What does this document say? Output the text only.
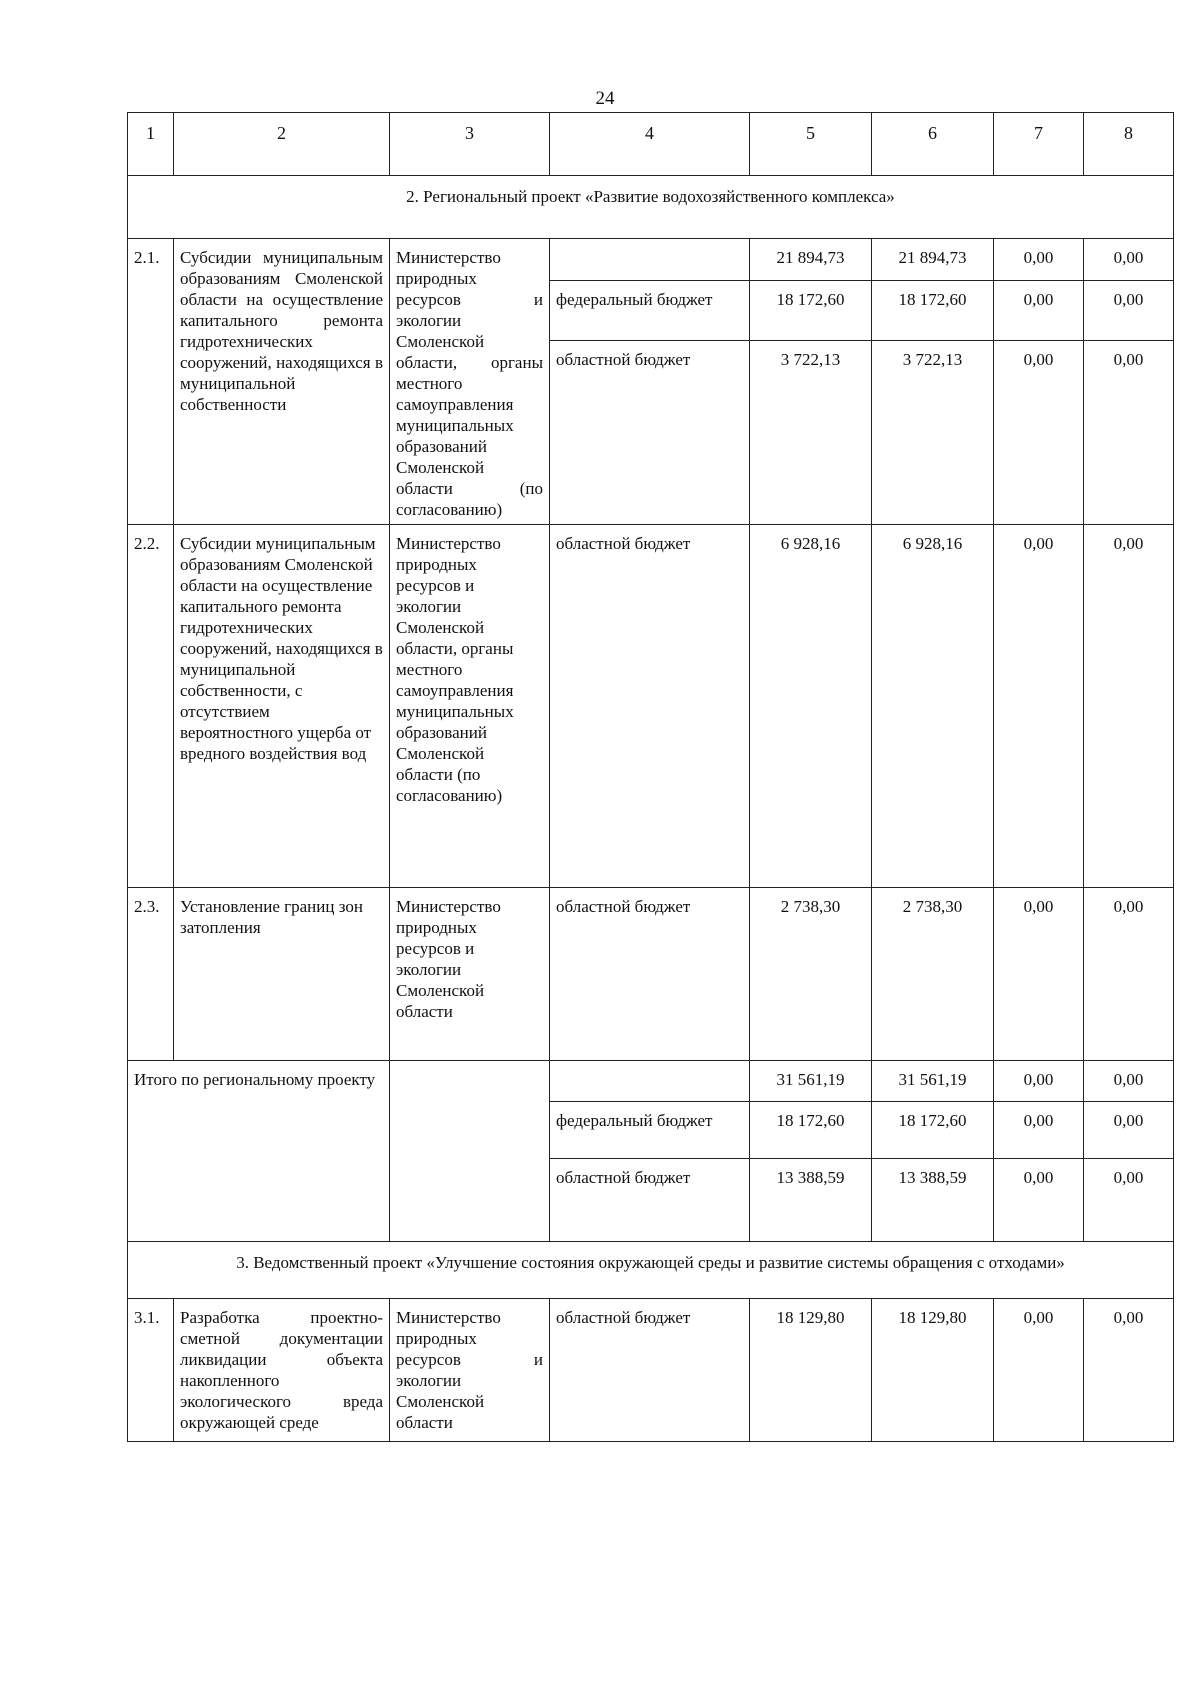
24
1	2	3	4	5	6	7	8
2. Региональный проект «Развитие водохозяйственного комплекса»							
2.1.	Субсидии муниципальным образованиям Смоленской области на осуществление капитального ремонта гидротехнических сооружений, находящихся в муниципальной собственности	Министерство природных ресурсов и экологии Смоленской области, органы местного самоуправления муниципальных образований Смоленской области (по согласованию)		21 894,73	21 894,73	0,00	0,00
			федеральный бюджет	18 172,60	18 172,60	0,00	0,00
			областной бюджет	3 722,13	3 722,13	0,00	0,00
2.2.	Субсидии муниципальным образованиям Смоленской области на осуществление капитального ремонта гидротехнических сооружений, находящихся в муниципальной собственности, с отсутствием вероятностного ущерба от вредного воздействия вод	Министерство природных ресурсов и экологии Смоленской области, органы местного самоуправления муниципальных образований Смоленской области (по согласованию)	областной бюджет	6 928,16	6 928,16	0,00	0,00
2.3.	Установление границ зон затопления	Министерство природных ресурсов и экологии Смоленской области	областной бюджет	2 738,30	2 738,30	0,00	0,00
Итого по региональному проекту				31 561,19	31 561,19	0,00	0,00
			федеральный бюджет	18 172,60	18 172,60	0,00	0,00
			областной бюджет	13 388,59	13 388,59	0,00	0,00
3. Ведомственный проект «Улучшение состояния окружающей среды и развитие системы обращения с отходами»							
3.1.	Разработка проектно-сметной документации ликвидации объекта накопленного экологического вреда окружающей среде	Министерство природных ресурсов и экологии Смоленской области	областной бюджет	18 129,80	18 129,80	0,00	0,00
